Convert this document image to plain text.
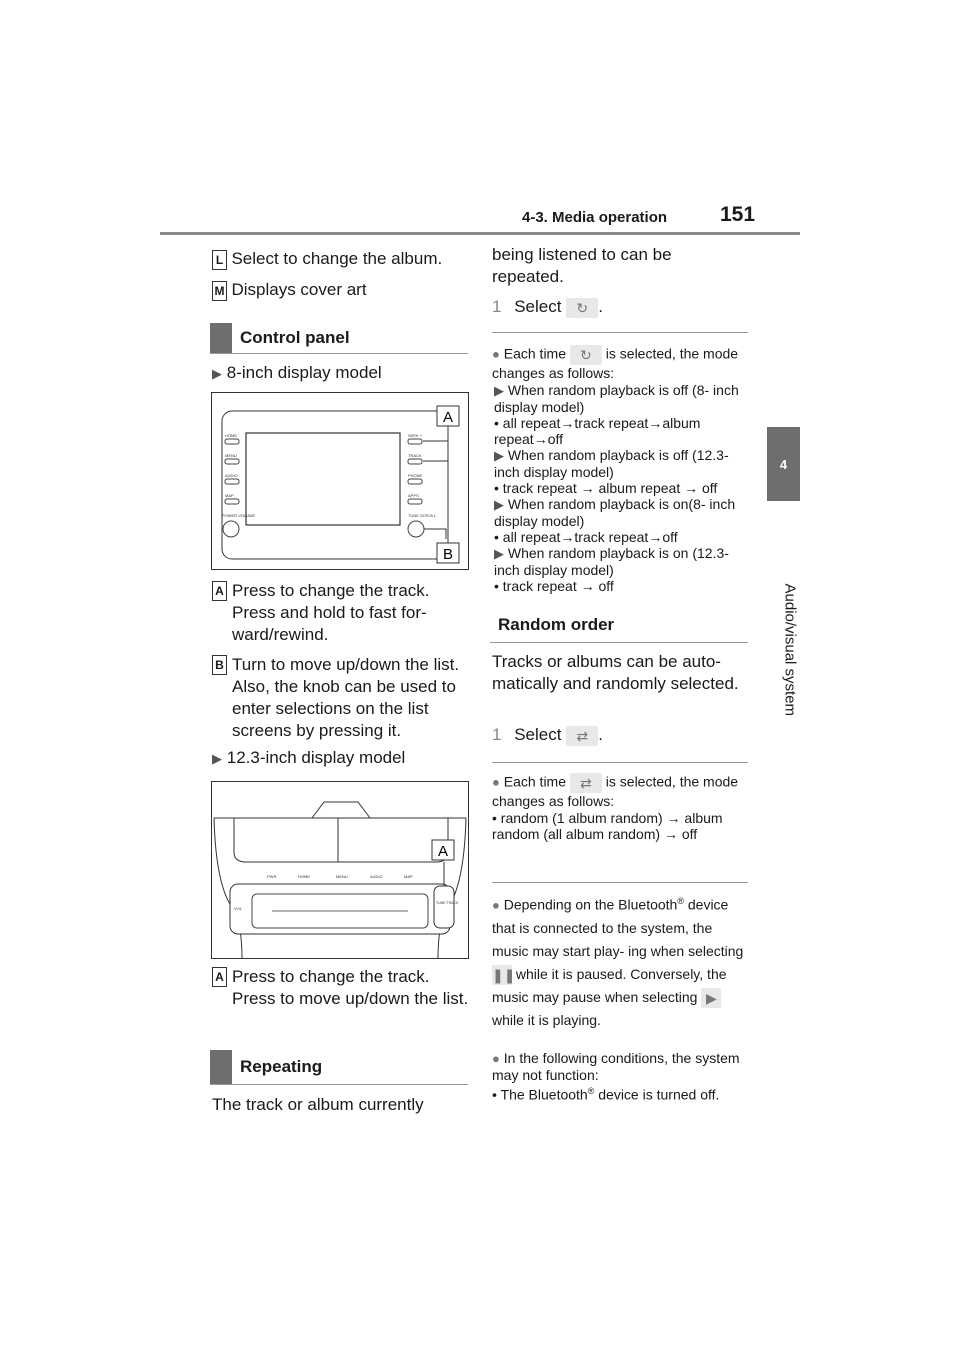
4-3. Media operation	151
4
Audio/visual system
L Select to change the album.
M Displays cover art
Control panel
▶ 8-inch display model
HOME
MENU
AUDIO
MAP
POWER VOLUME
SEEK +
TRACK
PHONE
APPS
TUNE SCROLL
A
B
A Press to change the track. Press and hold to fast for- ward/rewind.
B Turn to move up/down the list. Also, the knob can be used to enter selections on the list screens by pressing it.
▶ 12.3-inch display model
PWR	HOME	MENU	AUDIO	MAP
VOL
TUNE TRACK
A
A Press to change the track. Press to move up/down the list.
Repeating
The track or album currently
being listened to can be repeated.
1 Select ↻ .
● Each time ↻ is selected, the mode changes as follows:
▶ When random playback is off (8- inch display model)
• all repeat→track repeat→album repeat→off
▶ When random playback is off (12.3-inch display model)
• track repeat → album repeat → off
▶ When random playback is on(8- inch display model)
• all repeat→track repeat→off
▶ When random playback is on (12.3-inch display model)
• track repeat → off
Random order
Tracks or albums can be auto- matically and randomly selected.
1 Select ⇄ .
● Each time ⇄ is selected, the mode changes as follows:
• random (1 album random) → album random (all album random) → off
● Depending on the Bluetooth® device that is connected to the system, the music may start play- ing when selecting ❚❚ while it is paused. Conversely, the music may pause when selecting ▶ while it is playing.
● In the following conditions, the system may not function:
• The Bluetooth® device is turned off.
